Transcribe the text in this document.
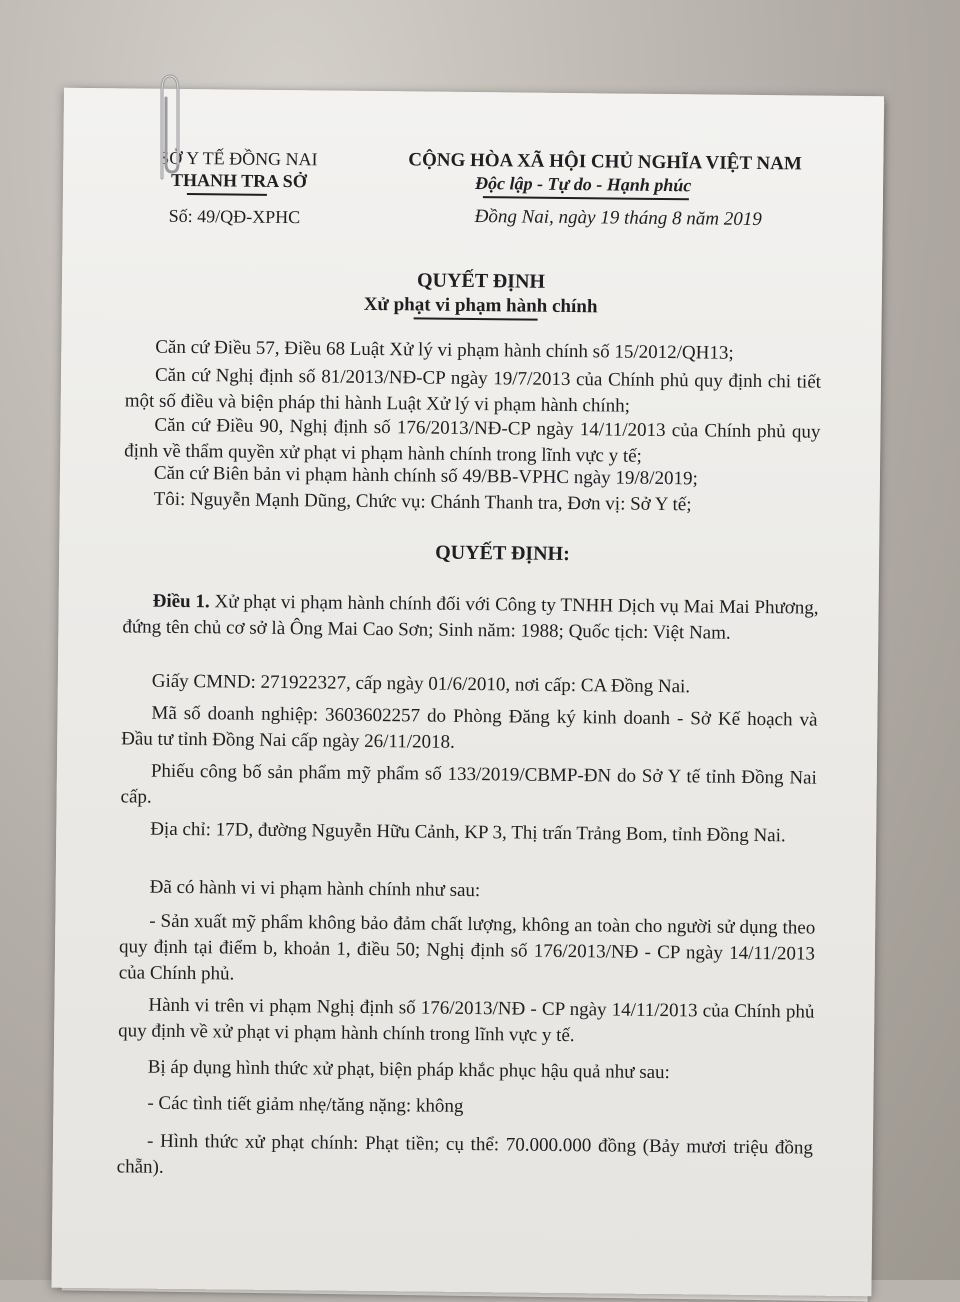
SỞ Y TẾ ĐỒNG NAI
THANH TRA SỞ
Số: 49/QĐ-XPHC
CỘNG HÒA XÃ HỘI CHỦ NGHĨA VIỆT NAM
Độc lập - Tự do - Hạnh phúc
Đồng Nai, ngày 19 tháng 8 năm 2019
QUYẾT ĐỊNH
Xử phạt vi phạm hành chính
Căn cứ Điều 57, Điều 68 Luật Xử lý vi phạm hành chính số 15/2012/QH13;
Căn cứ Nghị định số 81/2013/NĐ-CP ngày 19/7/2013 của Chính phủ quy định chi tiết một số điều và biện pháp thi hành Luật Xử lý vi phạm hành chính;
Căn cứ Điều 90, Nghị định số 176/2013/NĐ-CP ngày 14/11/2013 của Chính phủ quy định về thẩm quyền xử phạt vi phạm hành chính trong lĩnh vực y tế;
Căn cứ Biên bản vi phạm hành chính số 49/BB-VPHC ngày 19/8/2019;
Tôi: Nguyễn Mạnh Dũng, Chức vụ: Chánh Thanh tra, Đơn vị: Sở Y tế;
QUYẾT ĐỊNH:
Điều 1. Xử phạt vi phạm hành chính đối với Công ty TNHH Dịch vụ Mai Mai Phương, đứng tên chủ cơ sở là Ông Mai Cao Sơn; Sinh năm: 1988; Quốc tịch: Việt Nam.
Giấy CMND: 271922327, cấp ngày 01/6/2010, nơi cấp: CA Đồng Nai.
Mã số doanh nghiệp: 3603602257 do Phòng Đăng ký kinh doanh - Sở Kế hoạch và Đầu tư tỉnh Đồng Nai cấp ngày 26/11/2018.
Phiếu công bố sản phẩm mỹ phẩm số 133/2019/CBMP-ĐN do Sở Y tế tỉnh Đồng Nai cấp.
Địa chỉ: 17D, đường Nguyễn Hữu Cảnh, KP 3, Thị trấn Trảng Bom, tỉnh Đồng Nai.
Đã có hành vi vi phạm hành chính như sau:
- Sản xuất mỹ phẩm không bảo đảm chất lượng, không an toàn cho người sử dụng theo quy định tại điểm b, khoản 1, điều 50; Nghị định số 176/2013/NĐ - CP ngày 14/11/2013 của Chính phủ.
Hành vi trên vi phạm Nghị định số 176/2013/NĐ - CP ngày 14/11/2013 của Chính phủ quy định về xử phạt vi phạm hành chính trong lĩnh vực y tế.
Bị áp dụng hình thức xử phạt, biện pháp khắc phục hậu quả như sau:
- Các tình tiết giảm nhẹ/tăng nặng: không
- Hình thức xử phạt chính: Phạt tiền; cụ thể: 70.000.000 đồng (Bảy mươi triệu đồng chẵn).
